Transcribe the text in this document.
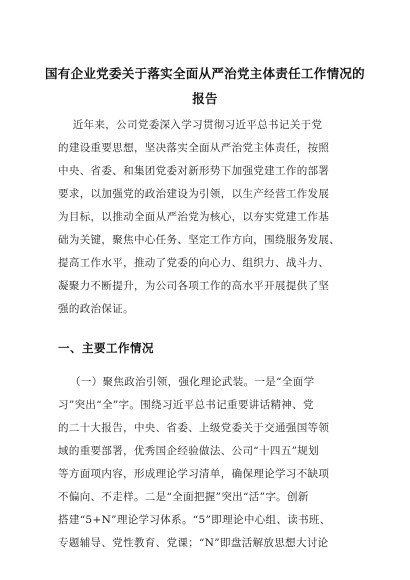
国有企业党委关于落实全面从严治党主体责任工作情况的
报告
近年来，公司党委深入学习贯彻习近平总书记关于党
的建设重要思想，坚决落实全面从严治党主体责任，按照
中央、省委、和集团党委对新形势下加强党建工作的部署
要求，以加强党的政治建设为引领，以生产经营工作发展
为目标，以推动全面从严治党为核心，以夯实党建工作基
础为关键，聚焦中心任务、坚定工作方向，围绕服务发展、
提高工作水平，推动了党委的向心力、组织力、战斗力、
凝聚力不断提升，为公司各项工作的高水平开展提供了坚
强的政治保证。
一、主要工作情况
（一）聚焦政治引领，强化理论武装。一是“全面学
习”突出“全”字。围绕习近平总书记重要讲话精神、党
的二十大报告，中央、省委、上级党委关于交通强国等领
域的重要部署，优秀国企经验做法、公司“十四五”规划
等方面项内容，形成理论学习清单，确保理论学习不缺项
不偏向、不走样。二是“全面把握”突出“活”字。创新
搭建“5+N”理论学习体系。“5”即理论中心组、读书班、
专题辅导、党性教育、党课；“N”即盘活解放思想大讨论
